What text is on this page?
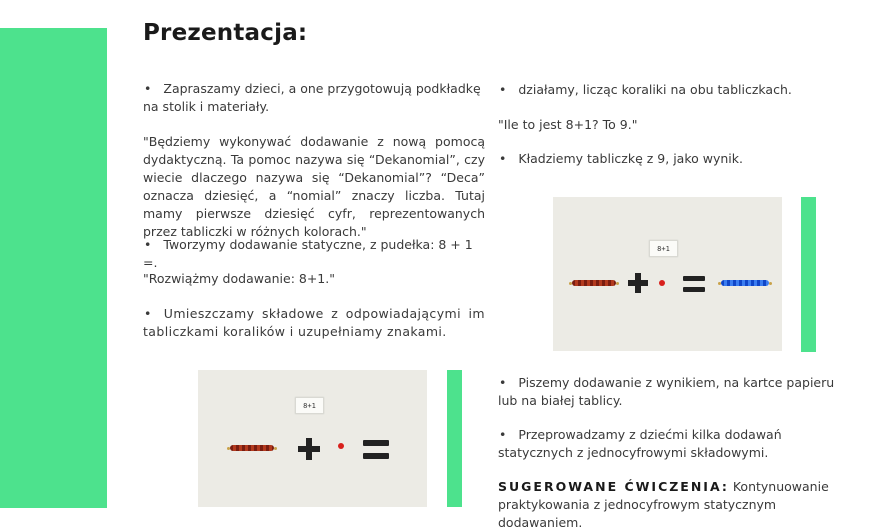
Prezentacja:

• Zapraszamy dzieci, a one przygotowują podkładkę na stolik i materiały.

"Będziemy wykonywać dodawanie z nową pomocą dydaktyczną. Ta pomoc nazywa się “Dekanomial”, czy wiecie dlaczego nazywa się “Dekanomial”? “Deca” oznacza dziesięć, a “nomial” znaczy liczba. Tutaj mamy pierwsze dziesięć cyfr, reprezentowanych przez tabliczki w różnych kolorach."

• Tworzymy dodawanie statyczne, z pudełka: 8 + 1 =.

"Rozwiążmy dodawanie: 8+1."

• Umieszczamy składowe z odpowiadającymi im tabliczkami koralików i uzupełniamy znakami.

• działamy, licząc koraliki na obu tabliczkach.

"Ile to jest 8+1? To 9."

• Kładziemy tabliczkę z 9, jako wynik.

• Piszemy dodawanie z wynikiem, na kartce papieru lub na białej tablicy.

• Przeprowadzamy z dziećmi kilka dodawań statycznych z jednocyfrowymi składowymi.

SUGEROWANE ĆWICZENIA: Kontynuowanie praktykowania z jednocyfrowym statycznym dodawaniem.

8+1
8+1
